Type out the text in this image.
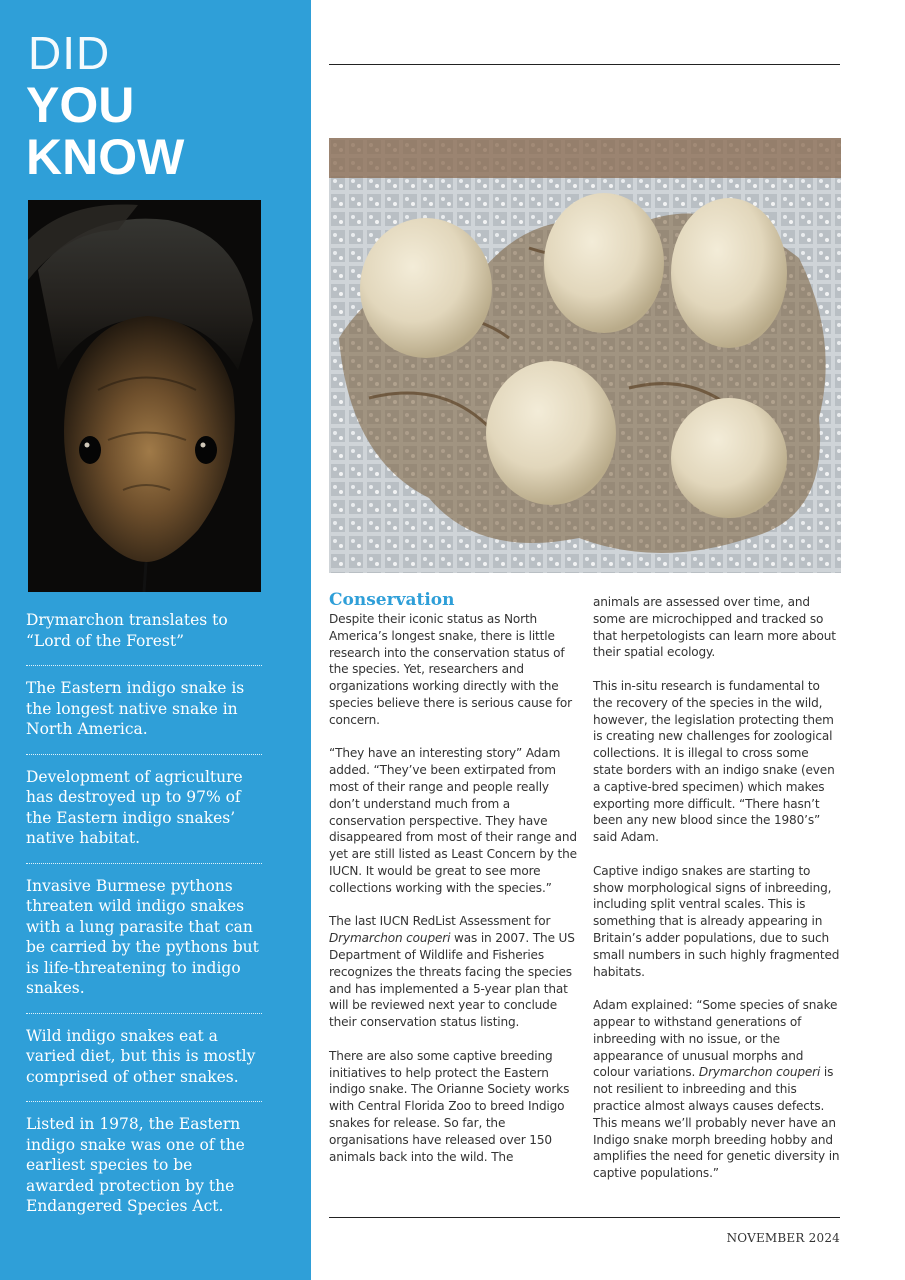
DID
YOU
KNOW

Drymarchon translates to “Lord of the Forest”

The Eastern indigo snake is the longest native snake in North America.

Development of agriculture has destroyed up to 97% of the Eastern indigo snakes’ native habitat.

Invasive Burmese pythons threaten wild indigo snakes with a lung parasite that can be carried by the pythons but is life-threatening to indigo snakes.

Wild indigo snakes eat a varied diet, but this is mostly comprised of other snakes.

Listed in 1978, the Eastern indigo snake was one of the earliest species to be awarded protection by the Endangered Species Act.

Conservation

Despite their iconic status as North America’s longest snake, there is little research into the conservation status of the species. Yet, researchers and organizations working directly with the species believe there is serious cause for concern.

“They have an interesting story” Adam added. “They’ve been extirpated from most of their range and people really don’t understand much from a conservation perspective. They have disappeared from most of their range and yet are still listed as Least Concern by the IUCN. It would be great to see more collections working with the species.”

The last IUCN RedList Assessment for Drymarchon couperi was in 2007. The US Department of Wildlife and Fisheries recognizes the threats facing the species and has implemented a 5-year plan that will be reviewed next year to conclude their conservation status listing.

There are also some captive breeding initiatives to help protect the Eastern indigo snake. The Orianne Society works with Central Florida Zoo to breed Indigo snakes for release. So far, the organisations have released over 150 animals back into the wild. The

animals are assessed over time, and some are microchipped and tracked so that herpetologists can learn more about their spatial ecology.

This in-situ research is fundamental to the recovery of the species in the wild, however, the legislation protecting them is creating new challenges for zoological collections. It is illegal to cross some state borders with an indigo snake (even a captive-bred specimen) which makes exporting more difficult. “There hasn’t been any new blood since the 1980’s” said Adam.

Captive indigo snakes are starting to show morphological signs of inbreeding, including split ventral scales. This is something that is already appearing in Britain’s adder populations, due to such small numbers in such highly fragmented habitats.

Adam explained: “Some species of snake appear to withstand generations of inbreeding with no issue, or the appearance of unusual morphs and colour variations. Drymarchon couperi is not resilient to inbreeding and this practice almost always causes defects. This means we’ll probably never have an Indigo snake morph breeding hobby and amplifies the need for genetic diversity in captive populations.”

NOVEMBER 2024
